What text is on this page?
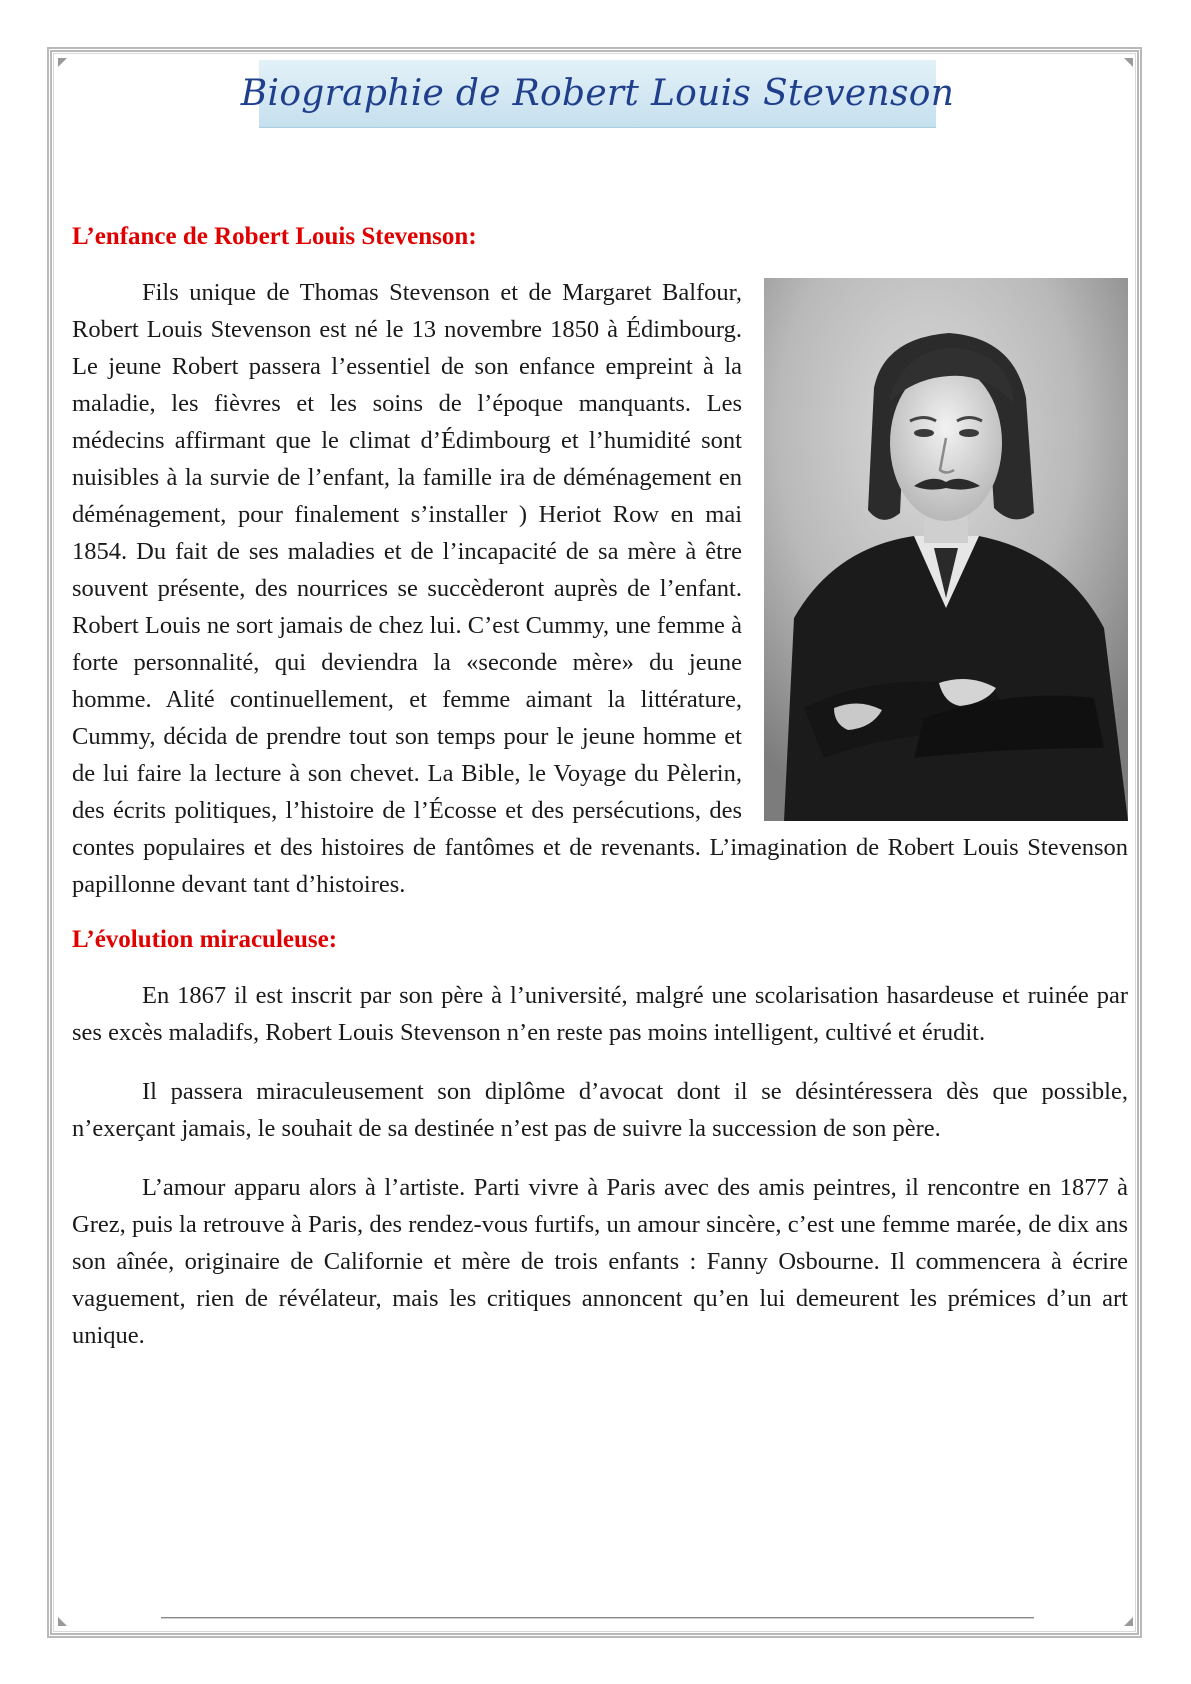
Biographie de Robert Louis Stevenson
L’enfance de Robert Louis Stevenson:

Fils unique de Thomas Stevenson et de Margaret Balfour, Robert Louis Stevenson est né le 13 novembre 1850 à Édimbourg. Le jeune Robert passera l’essentiel de son enfance empreint à la maladie, les fièvres et les soins de l’époque manquants. Les médecins affirmant que le climat d’Édimbourg et l’humidité sont nuisibles à la survie de l’enfant, la famille ira de déménagement en déménagement, pour finalement s’installer ) Heriot Row en mai 1854. Du fait de ses maladies et de l’incapacité de sa mère à être souvent présente, des nourrices se succèderont auprès de l’enfant. Robert Louis ne sort jamais de chez lui. C’est Cummy, une femme à forte personnalité, qui deviendra la «seconde mère» du jeune homme. Alité continuellement, et femme aimant la littérature, Cummy, décida de prendre tout son temps pour le jeune homme et de lui faire la lecture à son chevet. La Bible, le Voyage du Pèlerin, des écrits politiques, l’histoire de l’Écosse et des persécutions, des contes populaires et des histoires de fantômes et de revenants. L’imagination de Robert Louis Stevenson papillonne devant tant d’histoires.

L’évolution miraculeuse:

En 1867 il est inscrit par son père à l’université, malgré une scolarisation hasardeuse et ruinée par ses excès maladifs, Robert Louis Stevenson n’en reste pas moins intelligent, cultivé et érudit.

Il passera miraculeusement son diplôme d’avocat dont il se désintéressera dès que possible, n’exerçant jamais, le souhait de sa destinée n’est pas de suivre la succession de son père.

L’amour apparu alors à l’artiste. Parti vivre à Paris avec des amis peintres, il rencontre en 1877 à Grez, puis la retrouve à Paris, des rendez-vous furtifs, un amour sincère, c’est une femme marée, de dix ans son aînée, originaire de Californie et mère de trois enfants : Fanny Osbourne. Il commencera à écrire vaguement, rien de révélateur, mais les critiques annoncent qu’en lui demeurent les prémices d’un art unique.
